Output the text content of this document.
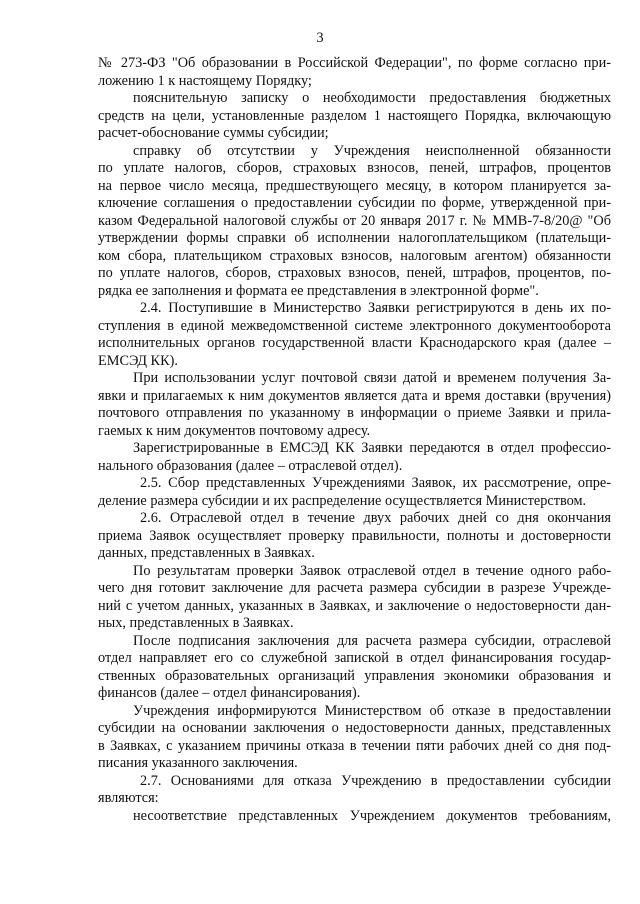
3
№ 273-ФЗ "Об образовании в Российской Федерации", по форме согласно при-
ложению 1 к настоящему Порядку;
пояснительную записку о необходимости предоставления бюджетных
средств на цели, установленные разделом 1 настоящего Порядка, включающую
расчет-обоснование суммы субсидии;
справку об отсутствии у Учреждения неисполненной обязанности
по уплате налогов, сборов, страховых взносов, пеней, штрафов, процентов
на первое число месяца, предшествующего месяцу, в котором планируется за-
ключение соглашения о предоставлении субсидии по форме, утвержденной при-
казом Федеральной налоговой службы от 20 января 2017 г. № ММВ-7-8/20@ "Об
утверждении формы справки об исполнении налогоплательщиком (плательщи-
ком сбора, плательщиком страховых взносов, налоговым агентом) обязанности
по уплате налогов, сборов, страховых взносов, пеней, штрафов, процентов, по-
рядка ее заполнения и формата ее представления в электронной форме".
2.4. Поступившие в Министерство Заявки регистрируются в день их по-
ступления в единой межведомственной системе электронного документооборота
исполнительных органов государственной власти Краснодарского края (далее –
ЕМСЭД КК).
При использовании услуг почтовой связи датой и временем получения За-
явки и прилагаемых к ним документов является дата и время доставки (вручения)
почтового отправления по указанному в информации о приеме Заявки и прила-
гаемых к ним документов почтовому адресу.
Зарегистрированные в ЕМСЭД КК Заявки передаются в отдел профессио-
нального образования (далее – отраслевой отдел).
2.5. Сбор представленных Учреждениями Заявок, их рассмотрение, опре-
деление размера субсидии и их распределение осуществляется Министерством.
2.6. Отраслевой отдел в течение двух рабочих дней со дня окончания
приема Заявок осуществляет проверку правильности, полноты и достоверности
данных, представленных в Заявках.
По результатам проверки Заявок отраслевой отдел в течение одного рабо-
чего дня готовит заключение для расчета размера субсидии в разрезе Учрежде-
ний с учетом данных, указанных в Заявках, и заключение о недостоверности дан-
ных, представленных в Заявках.
После подписания заключения для расчета размера субсидии, отраслевой
отдел направляет его со служебной запиской в отдел финансирования государ-
ственных образовательных организаций управления экономики образования и
финансов (далее – отдел финансирования).
Учреждения информируются Министерством об отказе в предоставлении
субсидии на основании заключения о недостоверности данных, представленных
в Заявках, с указанием причины отказа в течении пяти рабочих дней со дня под-
писания указанного заключения.
2.7. Основаниями для отказа Учреждению в предоставлении субсидии
являются:
несоответствие представленных Учреждением документов требованиям,
